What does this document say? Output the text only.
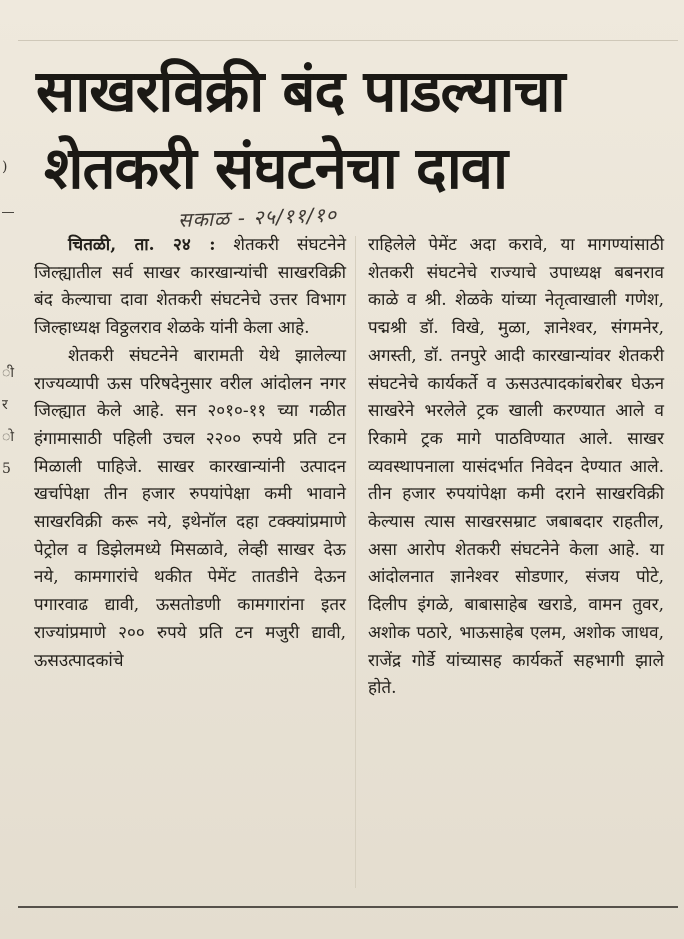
)
ी
र
ो
5
साखरविक्री बंद पाडल्याचा
शेतकरी संघटनेचा दावा
सकाळ - २५/११/१०

चितळी, ता. २४ : शेतकरी संघटनेने जिल्ह्यातील सर्व साखर कारखान्यांची साखरविक्री बंद केल्याचा दावा शेतकरी संघटनेचे उत्तर विभाग जिल्हाध्यक्ष विठ्ठलराव शेळके यांनी केला आहे.

शेतकरी संघटनेने बारामती येथे झालेल्या राज्यव्यापी ऊस परिषदेनुसार वरील आंदोलन नगर जिल्ह्यात केले आहे. सन २०१०-११ च्या गळीत हंगामासाठी पहिली उचल २२०० रुपये प्रति टन मिळाली पाहिजे. साखर कारखान्यांनी उत्पादन खर्चापेक्षा तीन हजार रुपयांपेक्षा कमी भावाने साखरविक्री करू नये, इथेनॉल दहा टक्क्यांप्रमाणे पेट्रोल व डिझेलमध्ये मिसळावे, लेव्ही साखर देऊ नये, कामगारांचे थकीत पेमेंट तातडीने देऊन पगारवाढ द्यावी, ऊसतोडणी कामगारांना इतर राज्यांप्रमाणे २०० रुपये प्रति टन मजुरी द्यावी, ऊसउत्पादकांचे

राहिलेले पेमेंट अदा करावे, या मागण्यांसाठी शेतकरी संघटनेचे राज्याचे उपाध्यक्ष बबनराव काळे व श्री. शेळके यांच्या नेतृत्वाखाली गणेश, पद्मश्री डॉ. विखे, मुळा, ज्ञानेश्वर, संगमनेर, अगस्ती, डॉ. तनपुरे आदी कारखान्यांवर शेतकरी संघटनेचे कार्यकर्ते व ऊसउत्पादकांबरोबर घेऊन साखरेने भरलेले ट्रक खाली करण्यात आले व रिकामे ट्रक मागे पाठविण्यात आले. साखर व्यवस्थापनाला यासंदर्भात निवेदन देण्यात आले. तीन हजार रुपयांपेक्षा कमी दराने साखरविक्री केल्यास त्यास साखरसम्राट जबाबदार राहतील, असा आरोप शेतकरी संघटनेने केला आहे. या आंदोलनात ज्ञानेश्वर सोडणार, संजय पोटे, दिलीप इंगळे, बाबासाहेब खराडे, वामन तुवर, अशोक पठारे, भाऊसाहेब एलम, अशोक जाधव, राजेंद्र गोर्डे यांच्यासह कार्यकर्ते सहभागी झाले होते.
